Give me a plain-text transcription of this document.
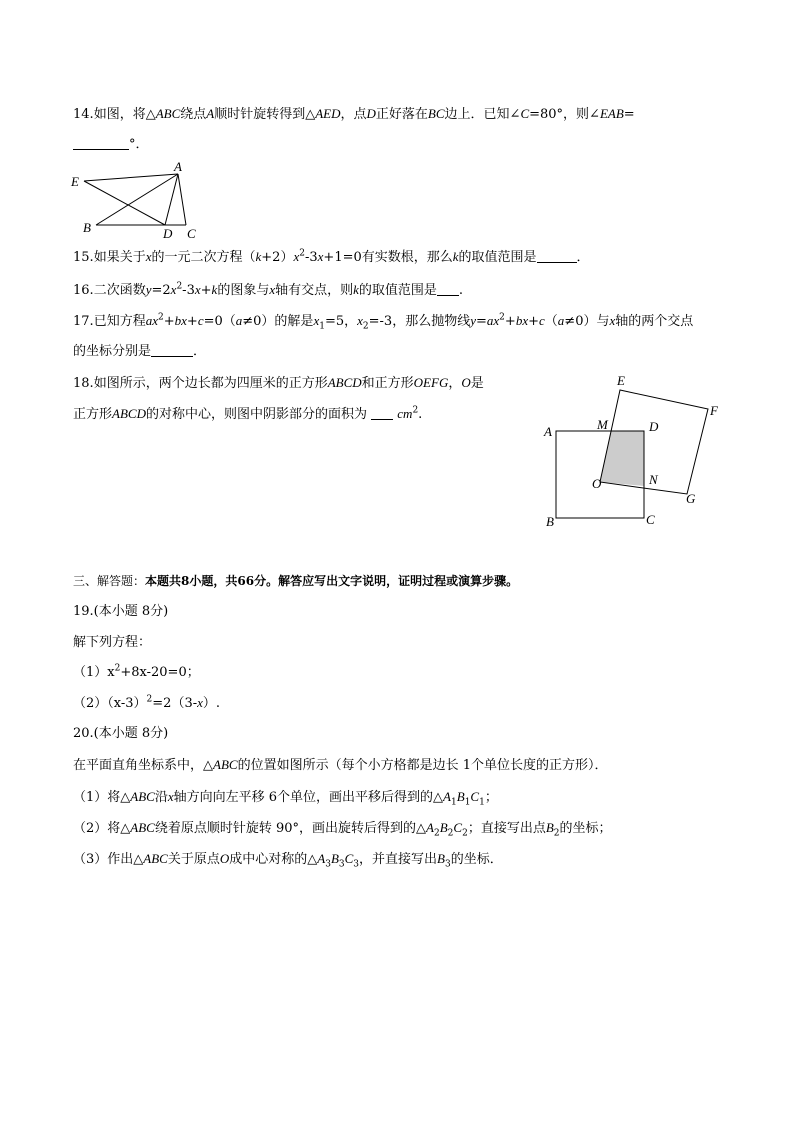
14.如图，将△ABC绕点A顺时针旋转得到△AED，点D正好落在BC边上．已知∠C=80°，则∠EAB=
°．
E
A
B	D C
15.如果关于x的一元二次方程$(k+2)x^2-3x+1=0$有实数根，那么k的取值范围是	．
16.二次函数$y=2x^2-3x+k$的图象与x轴有交点，则k的取值范围是 .
17.已知方程$ax^2+bx+c=0(a\ne 0)$的解是$x_1=5$，$x_2=-3$，那么抛物线$y=ax^2+bx+c(a\ne 0)$与x轴的两个交点
的坐标分别是	．
18.如图所示，两个边长都为四厘米的正方形ABCD和正方形OEFG，O是
正方形ABCD的对称中心，则图中阴影部分的面积为 $cm^2$.
E
F
M	D
A
O	N
G
B	C
三、解答题：本题共8小题，共66分。解答应写出文字说明，证明过程或演算步骤。
19.(本小题 8分)
解下列方程：
$(1)x^2+8x-20=0$；
$(2)(x-3)^2=2(3-x)$.
20.(本小题 8分)
在平面直角坐标系中，△ABC的位置如图所示（每个小方格都是边长 1个单位长度的正方形）．
（1）将△ABC沿x轴方向向左平移 6个单位，画出平移后得到的$\triangle A_1B_1C_1$；
（2）将△ABC绕着原点顺时针旋转 90°，画出旋转后得到的$\triangle A_2B_2C_2$；直接写出点$B_2$的坐标；
（3）作出△ABC关于原点O成中心对称的$\triangle A_3B_3C_3$，并直接写出$B_3$的坐标．
